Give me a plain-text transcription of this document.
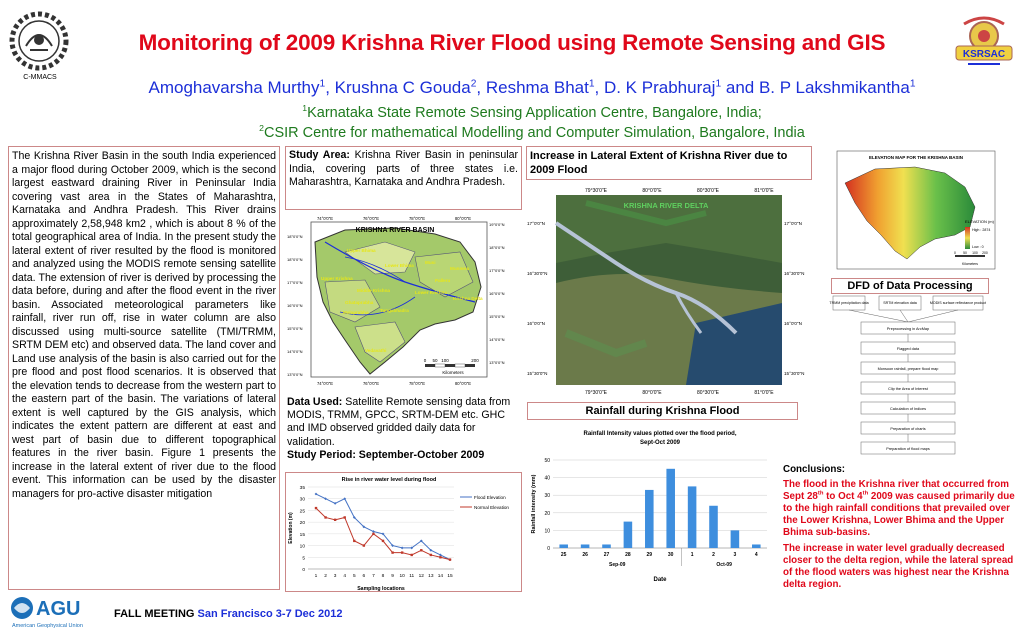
C-MMACS
KSRSAC
Monitoring of 2009 Krishna River Flood using Remote Sensing and GIS
Amoghavarsha Murthy$^1$, Krushna C Gouda$^2$, Reshma Bhat$^1$, D. K Prabhuraj$^1$ and B. P Lakshmikantha$^1$
$^1$Karnataka State Remote Sensing Application Centre, Bangalore, India;
$^2$CSIR Centre for mathematical Modelling and Computer Simulation, Bangalore, India
The Krishna River Basin in the south India experienced a major flood during October 2009, which is the second largest eastward draining River in Peninsular India covering vast area in the States of Maharashtra, Karnataka and Andhra Pradesh. This River drains approximately 2,58,948 km2 , which is about 8 % of the total geographical area of India. In the present study the lateral extent of river resulted by the flood is monitored and analyzed using the MODIS remote sensing satellite data. The extension of river is derived by processing the data before, during and after the flood event in the river basin. Associated meteorological parameters like rainfall, river run off, rise in water column are also discussed using multi-source satellite (TMI/TRMM, SRTM DEM etc) and observed data. The land cover and Land use analysis of the basin is also carried out for the pre flood and post flood scenarios. It is observed that the elevation tends to decrease from the western part to the eastern part of the basin. The variations of lateral extent is well captured by the GIS analysis, which indicates the extent pattern are different at east and west part of basin due to different topographical features in the river basin. Figure 1 presents the increase in the lateral extent of river due to the flood event. This information can be used by the disaster managers for pro-active disaster mitigation
Study Area: Krishna River Basin in peninsular India, covering parts of three states i.e. Maharashtra, Karnataka and Andhra Pradesh.
KRISHNA RIVER BASIN
Upper Bhima
Lower Bhima
Musi
Munneru
Upper Krishna
Middle Krishna
Palleru
Lower Krishna
Ghataprabha
Malaprabha Tungabhadra
Vedavathi
Krishna Delta
74°0'0"E	76°0'0"E	78°0'0"E	80°0'0"E
74°0'0"E	76°0'0"E	78°0'0"E	80°0'0"E
18°0'0"N
18°0'0"N
17°0'0"N
16°0'0"N
15°0'0"N
14°0'0"N
13°0'0"N
19°0'0"N
18°0'0"N
17°0'0"N
16°0'0"N
15°0'0"N
14°0'0"N
13°0'0"N
0 50 100	200
Kilometers
Data Used: Satellite Remote sensing data from MODIS, TRMM, GPCC, SRTM-DEM etc. GHC and IMD observed gridded daily data for validation.
Study Period: September-October 2009
Rise in river water level during flood
0
5
10
15
20
25
30
35
1 2 3 4 5 6 7 8 9 10 11 12 13 14 15
Sampling locations
Elevation (m)
Flood Elevation
Normal Elevation
Increase in Lateral Extent of Krishna River due to 2009 Flood
KRISHNA RIVER DELTA
79°30'0"E	80°0'0"E	80°30'0"E	81°0'0"E
79°30'0"E	80°0'0"E	80°30'0"E	81°0'0"E
17°0'0"N
16°30'0"N
16°0'0"N
15°30'0"N
17°0'0"N
16°30'0"N
16°0'0"N
15°30'0"N
Rainfall during Krishna Flood
Rainfall Intensity values plotted over the flood period,
Sept-Oct 2009
0
10
20
30
40
50
25	26	27	28	29	30	1	2	3	4
Sep-09	Oct-09
Date
Rainfall intensity (mm)
ELEVATION MAP FOR THE KRISHNA BASIN
ELEVATION (m)
High : 2874
Low : 0
0 50 100 200
Kilometers
DFD of Data Processing
TRMM precipitation data	SRTM elevation data	MODIS surface reflectance product
Preprocessing in ArcMap
Flagged data
Monsoon rainfall, prepare flood map
Clip the Area of Interest
Calculation of Indices
Preparation of charts
Preparation of flood maps
Conclusions:

The flood in the Krishna river that occurred from Sept 28th to Oct 4th 2009 was caused primarily due to the high rainfall conditions that prevailed over the Lower Krishna, Lower Bhima and the Upper Bhima sub-basins.

The increase in water level gradually decreased closer to the delta region, while the lateral spread of the flood waters was highest near the Krishna delta region.

AGU
American Geophysical Union
FALL MEETING San Francisco 3-7 Dec 2012
